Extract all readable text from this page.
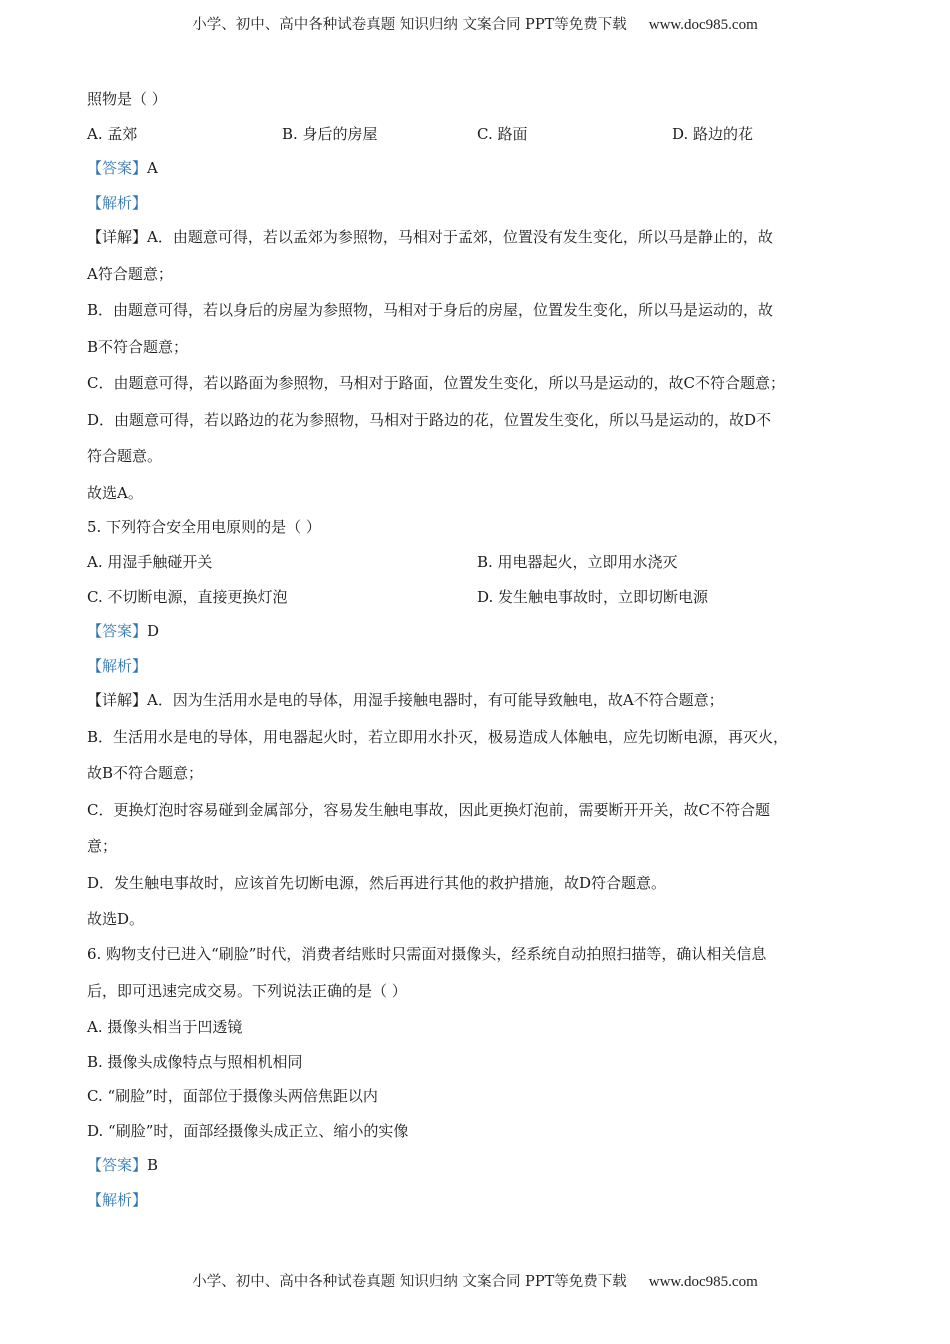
小学、初中、高中各种试卷真题 知识归纳 文案合同 PPT等免费下载 www.doc985.com
照物是（ ）
A. 孟郊	B. 身后的房屋	C. 路面	D. 路边的花
【答案】A
【解析】
【详解】A．由题意可得，若以孟郊为参照物，马相对于孟郊，位置没有发生变化，所以马是静止的，故
A符合题意；
B．由题意可得，若以身后的房屋为参照物，马相对于身后的房屋，位置发生变化，所以马是运动的，故
B不符合题意；
C．由题意可得，若以路面为参照物，马相对于路面，位置发生变化，所以马是运动的，故C不符合题意；
D．由题意可得，若以路边的花为参照物，马相对于路边的花，位置发生变化，所以马是运动的，故D不
符合题意。
故选A。
5. 下列符合安全用电原则的是（ ）
A. 用湿手触碰开关	B. 用电器起火，立即用水浇灭
C. 不切断电源，直接更换灯泡	D. 发生触电事故时，立即切断电源
【答案】D
【解析】
【详解】A．因为生活用水是电的导体，用湿手接触电器时，有可能导致触电，故A不符合题意；
B．生活用水是电的导体，用电器起火时，若立即用水扑灭，极易造成人体触电，应先切断电源，再灭火，
故B不符合题意；
C．更换灯泡时容易碰到金属部分，容易发生触电事故，因此更换灯泡前，需要断开开关，故C不符合题
意；
D．发生触电事故时，应该首先切断电源，然后再进行其他的救护措施，故D符合题意。
故选D。
6. 购物支付已进入“刷脸”时代，消费者结账时只需面对摄像头，经系统自动拍照扫描等，确认相关信息
后，即可迅速完成交易。下列说法正确的是（ ）
A. 摄像头相当于凹透镜
B. 摄像头成像特点与照相机相同
C. “刷脸”时，面部位于摄像头两倍焦距以内
D. “刷脸”时，面部经摄像头成正立、缩小的实像
【答案】B
【解析】
小学、初中、高中各种试卷真题 知识归纳 文案合同 PPT等免费下载 www.doc985.com
